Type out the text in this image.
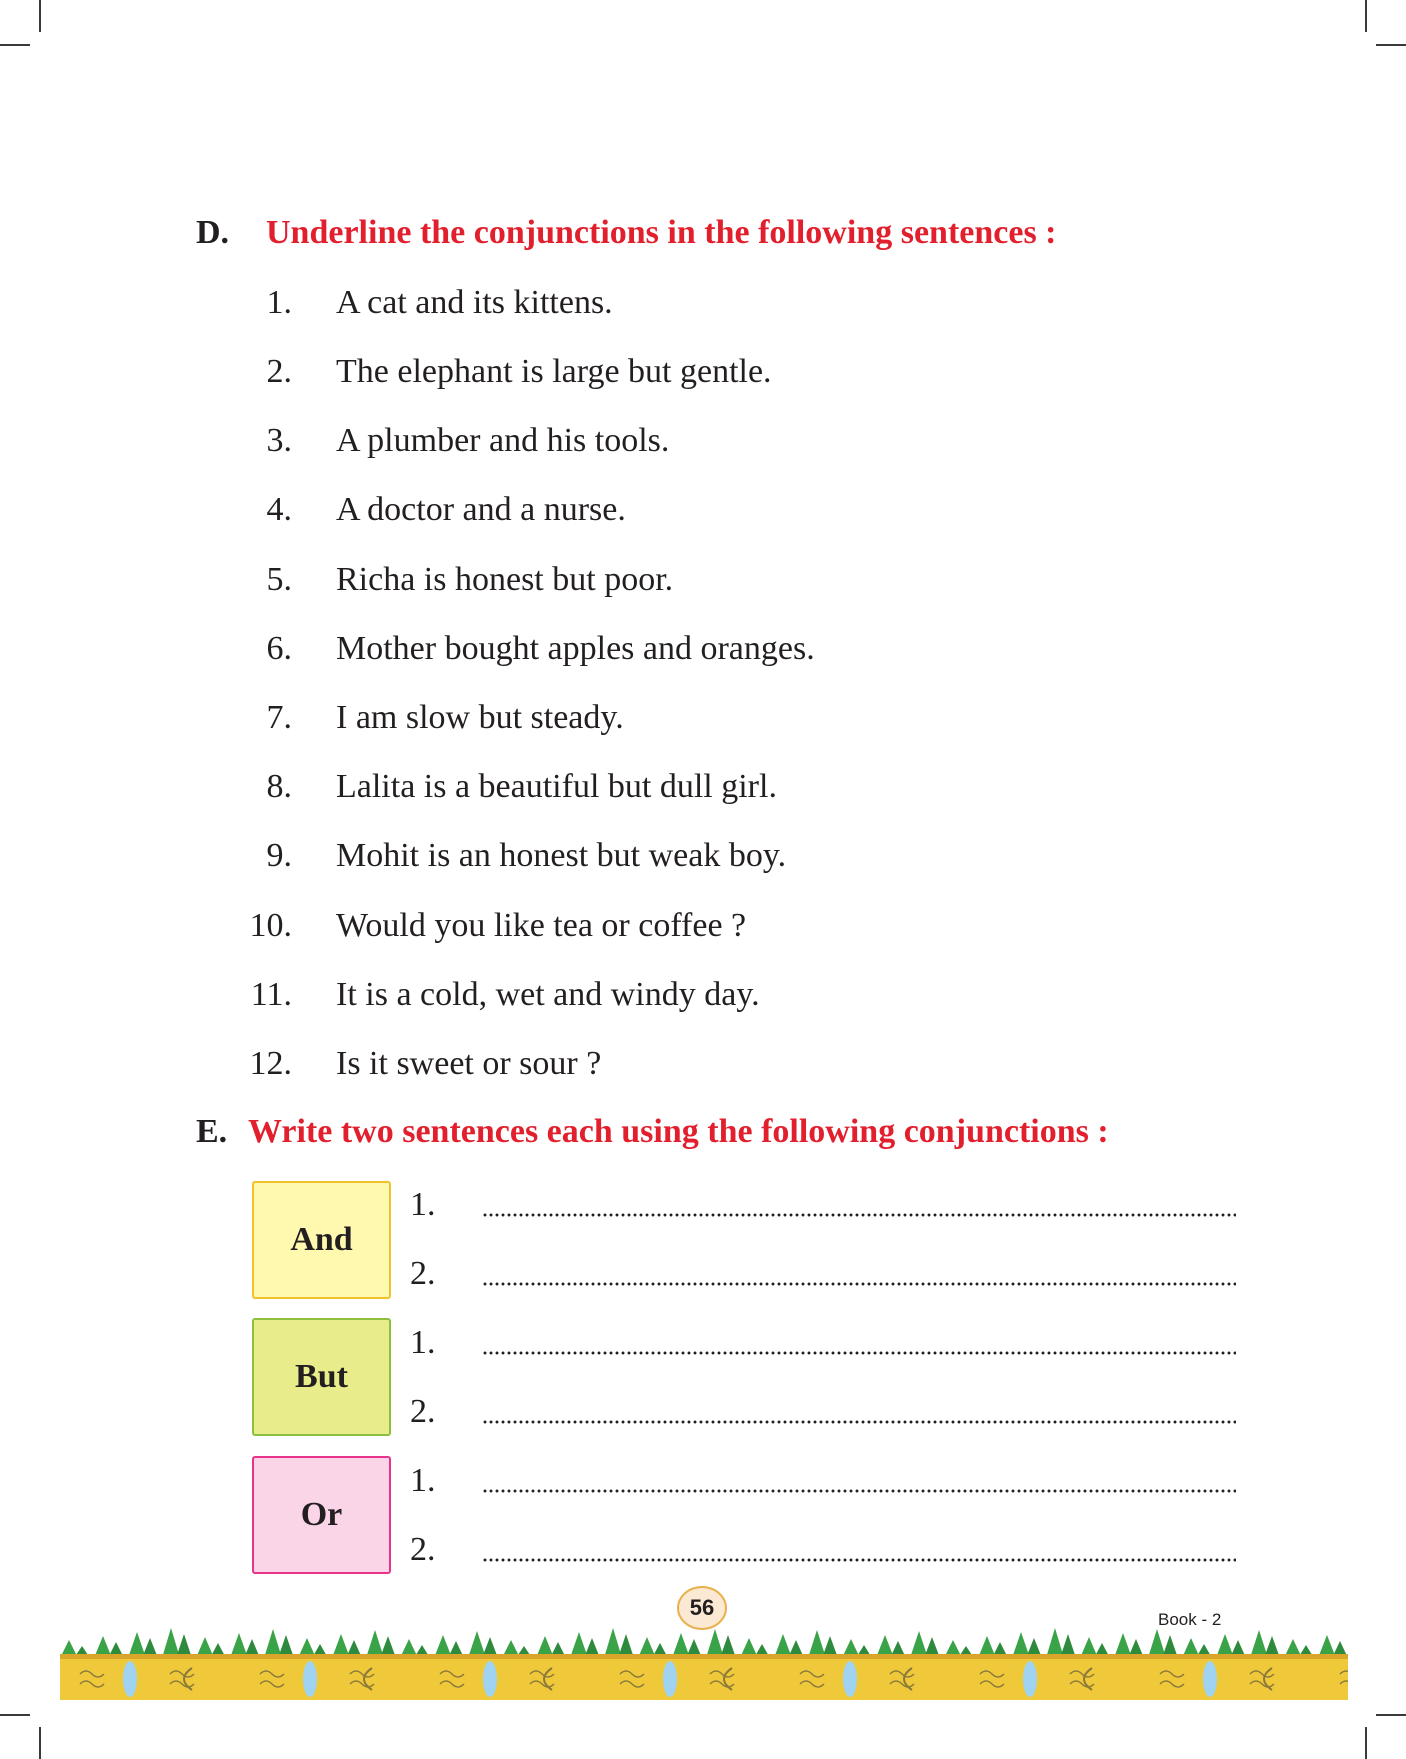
D. Underline the conjunctions in the following sentences :
1. A cat and its kittens.
2. The elephant is large but gentle.
3. A plumber and his tools.
4. A doctor and a nurse.
5. Richa is honest but poor.
6. Mother bought apples and oranges.
7. I am slow but steady.
8. Lalita is a beautiful but dull girl.
9. Mohit is an honest but weak boy.
10. Would you like tea or coffee ?
11. It is a cold, wet and windy day.
12. Is it sweet or sour ?
E. Write two sentences each using the following conjunctions :
And
But
Or
1.
2.
1.
2.
1.
2.
56	Book - 2
